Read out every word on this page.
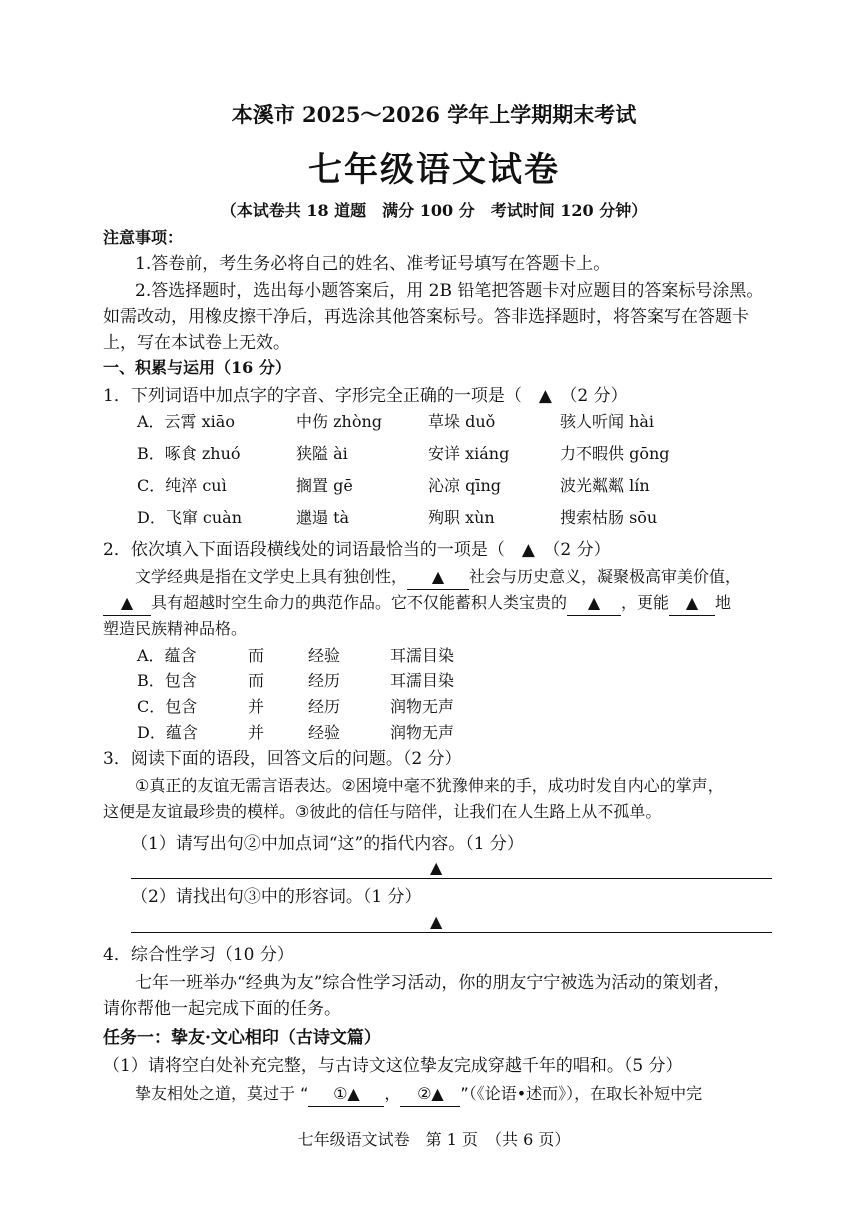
本溪市 2025～2026 学年上学期期末考试
七年级语文试卷
（本试卷共 18 道题　满分 100 分　考试时间 120 分钟）
注意事项：
1.答卷前，考生务必将自己的姓名、准考证号填写在答题卡上。
2.答选择题时，选出每小题答案后，用 2B 铅笔把答题卡对应题目的答案标号涂黑。
如需改动，用橡皮擦干净后，再选涂其他答案标号。答非选择题时，将答案写在答题卡
上，写在本试卷上无效。
一、积累与运用（16 分）
1．下列词语中加点字的字音、字形完全正确的一项是（　▲　（2 分）
A．云霄 xiāo	中伤 zhòng	草垛 duǒ	骇人听闻 hài
B．啄食 zhuó	狭隘 ài	安详 xiáng	力不暇供 gōng
C．纯淬 cuì	搁置 gē	沁凉 qīng	波光粼粼 lín
D．飞窜 cuàn	邋遢 tà	殉职 xùn	搜索枯肠 sōu
2．依次填入下面语段横线处的词语最恰当的一项是（　▲　（2 分）
文学经典是指在文学史上具有独创性， ▲ 社会与历史意义，凝聚极高审美价值，
▲ 具有超越时空生命力的典范作品。它不仅能蓄积人类宝贵的 ▲ ，更能 ▲ 地
塑造民族精神品格。
A．蕴含	而	经验	耳濡目染
B．包含	而	经历	耳濡目染
C．包含	并	经历	润物无声
D．蕴含	并	经验	润物无声
3．阅读下面的语段，回答文后的问题。（2 分）
①真正的友谊无需言语表达。②困境中毫不犹豫伸来的手，成功时发自内心的掌声，
这便是友谊最珍贵的模样。③彼此的信任与陪伴，让我们在人生路上从不孤单。
（1）请写出句②中加点词“这”的指代内容。（1 分）
▲
（2）请找出句③中的形容词。（1 分）
▲
4．综合性学习（10 分）
七年一班举办“经典为友”综合性学习活动，你的朋友宁宁被选为活动的策划者，
请你帮他一起完成下面的任务。
任务一：挚友·文心相印（古诗文篇）
（1）请将空白处补充完整，与古诗文这位挚友完成穿越千年的唱和。（5 分）
挚友相处之道，莫过于 “ ①▲ ， ②▲ ”（《论语•述而》），在取长补短中完
七年级语文试卷　第 1 页　（共 6 页）
